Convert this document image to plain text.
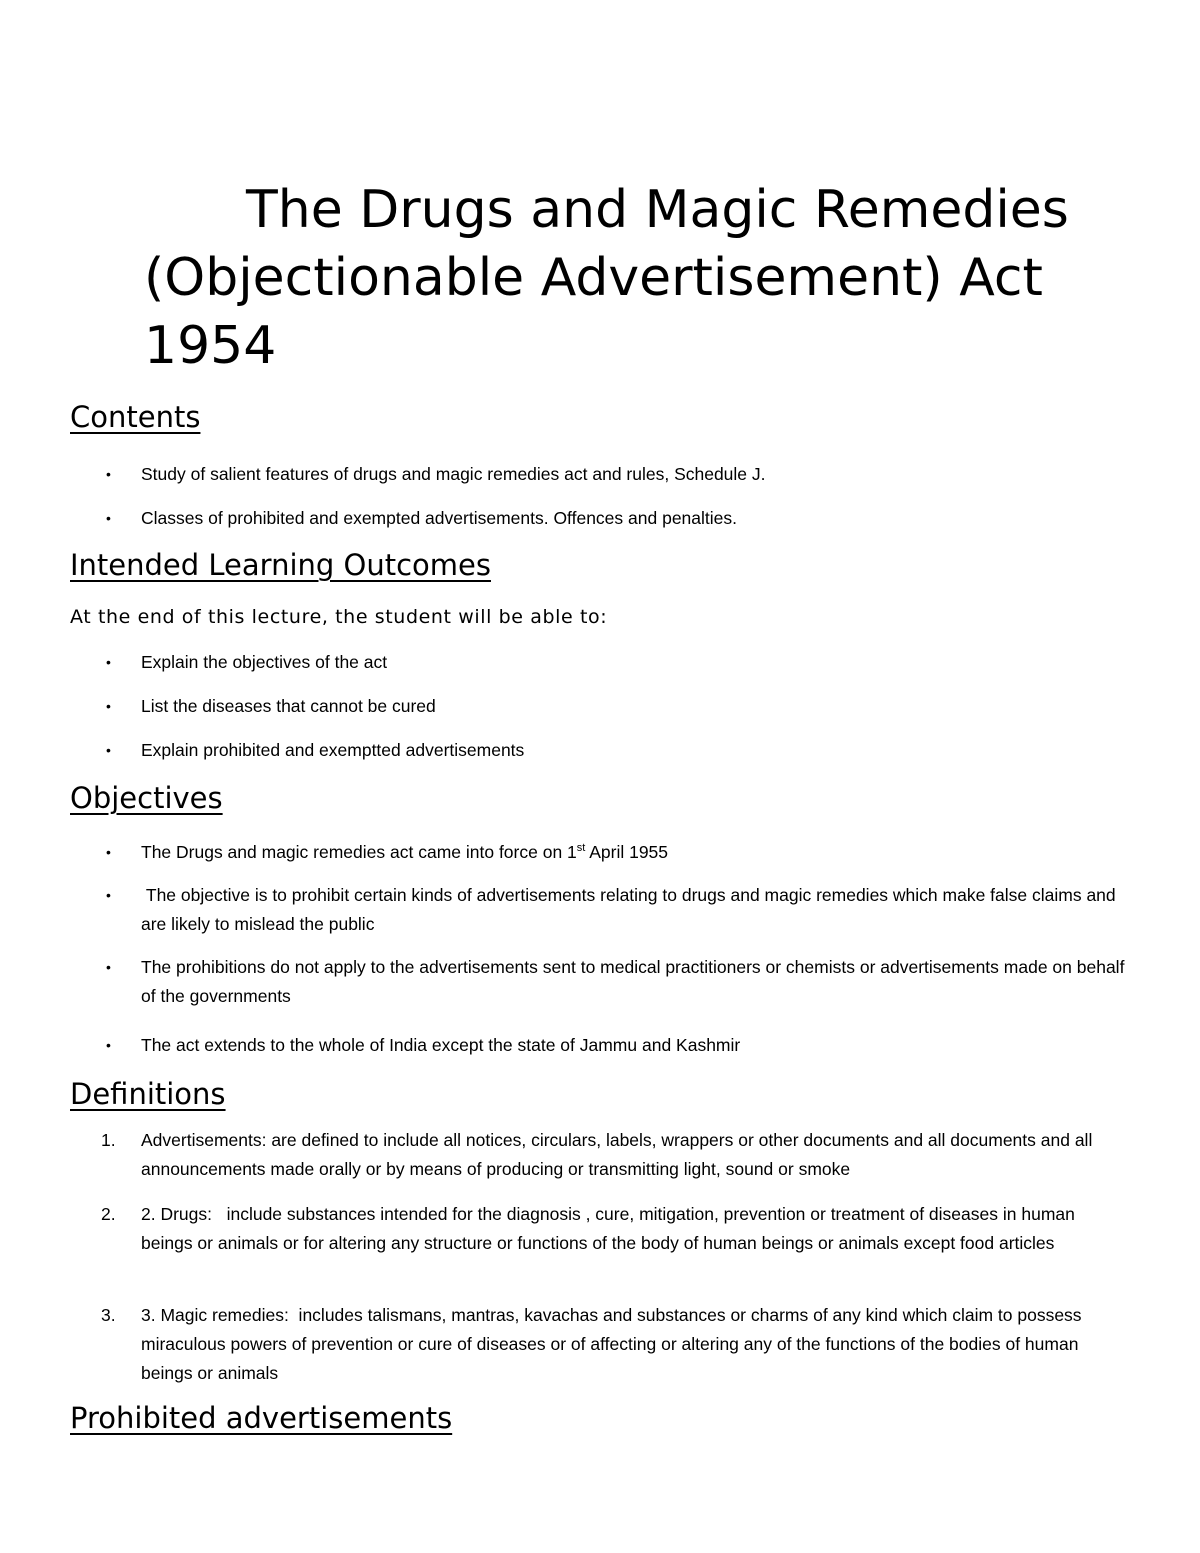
The Drugs and Magic Remedies (Objectionable Advertisement) Act 1954
Contents
• Study of salient features of drugs and magic remedies act and rules, Schedule J.
• Classes of prohibited and exempted advertisements. Offences and penalties.
Intended Learning Outcomes

At the end of this lecture, the student will be able to:

• Explain the objectives of the act
• List the diseases that cannot be cured
• Explain prohibited and exemptted advertisements
Objectives
• The Drugs and magic remedies act came into force on 1st April 1955
• The objective is to prohibit certain kinds of advertisements relating to drugs and magic remedies which make false claims and are likely to mislead the public
• The prohibitions do not apply to the advertisements sent to medical practitioners or chemists or advertisements made on behalf of the governments
• The act extends to the whole of India except the state of Jammu and Kashmir
Definitions
1. Advertisements: are defined to include all notices, circulars, labels, wrappers or other documents and all documents and all announcements made orally or by means of producing or transmitting light, sound or smoke
2. 2. Drugs:   include substances intended for the diagnosis , cure, mitigation, prevention or treatment of diseases in human beings or animals or for altering any structure or functions of the body of human beings or animals except food articles
3. 3. Magic remedies:  includes talismans, mantras, kavachas and substances or charms of any kind which claim to possess miraculous powers of prevention or cure of diseases or of affecting or altering any of the functions of the bodies of human beings or animals
Prohibited advertisements
